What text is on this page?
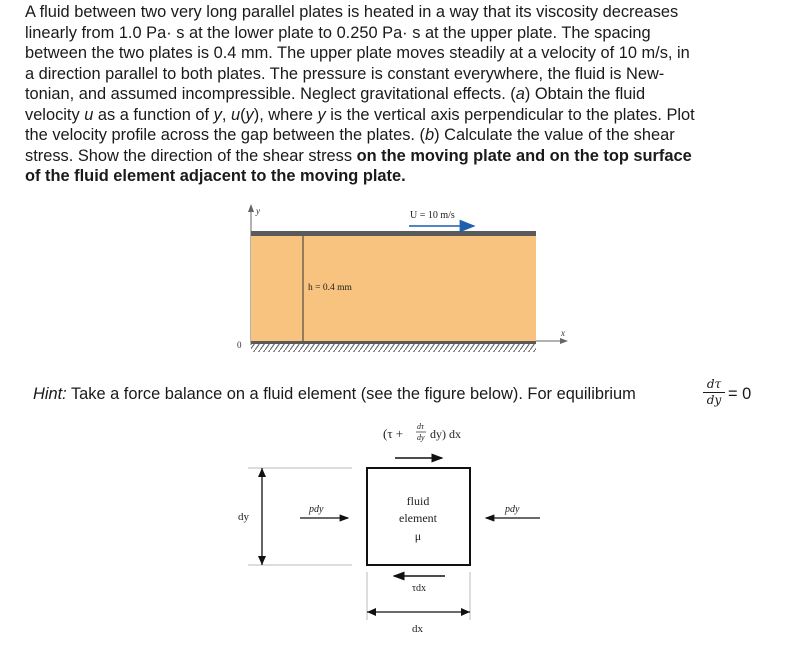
A fluid between two very long parallel plates is heated in a way that its viscosity decreases
linearly from 1.0 Pa· s at the lower plate to 0.250 Pa· s at the upper plate. The spacing
between the two plates is 0.4 mm. The upper plate moves steadily at a velocity of 10 m/s, in
a direction parallel to both plates. The pressure is constant everywhere, the fluid is New-
tonian, and assumed incompressible. Neglect gravitational effects. (a) Obtain the fluid
velocity u as a function of y, u(y), where y is the vertical axis perpendicular to the plates. Plot
the velocity profile across the gap between the plates. (b) Calculate the value of the shear
stress. Show the direction of the shear stress on the moving plate and on the top surface
of the fluid element adjacent to the moving plate.
y
0
x
U = 10 m/s
h = 0.4 mm
(τ + dτ
dy dy) dx
fluid
element
μ
dy
pdy	pdy
τdx
dx
Hint: Take a force balance on a fluid element (see the figure below). For equilibrium
dτ
dy = 0
